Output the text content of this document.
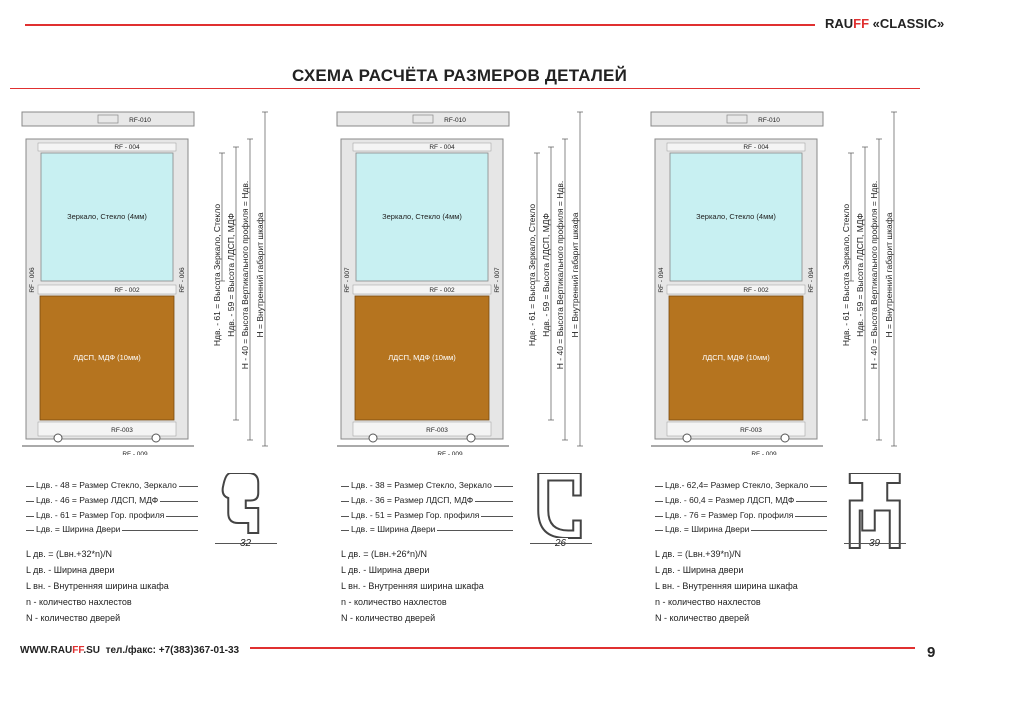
RAUFF «CLASSIC»
СХЕМА РАСЧЁТА РАЗМЕРОВ ДЕТАЛЕЙ
RF-010
RF - 004
Зеркало, Стекло (4мм)
RF - 002
ЛДСП, МДФ (10мм)
RF-003
RF - 009
RF - 006	RF - 006	Ндв. - 61 = Высота Зеркало, Стекло Ндв. - 59 = Высота ЛДСП, МДФ Н - 40 = Высота Вертикального профиля = Ндв. Н = Внутренний габарит шкафа
Lдв. - 48 = Размер Стекло, Зеркало
Lдв. - 46 = Размер ЛДСП, МДФ
Lдв. - 61 = Размер Гор. профиля
Lдв. = Ширина Двери
32
L дв. = (Lвн.+32*n)/N
L дв. - Ширина двери
L вн. - Внутренняя ширина шкафа
n - количество нахлестов
N - количество дверей
RF-010
RF - 004
Зеркало, Стекло (4мм)
RF - 002
ЛДСП, МДФ (10мм)
RF-003
RF - 009
RF - 007	RF - 007	Ндв. - 61 = Высота Зеркало, Стекло Ндв. - 59 = Высота ЛДСП, МДФ Н - 40 = Высота Вертикального профиля = Ндв. Н = Внутренний габарит шкафа
Lдв. - 38 = Размер Стекло, Зеркало
Lдв. - 36 = Размер ЛДСП, МДФ
Lдв. - 51 = Размер Гор. профиля
Lдв. = Ширина Двери
26
L дв. = (Lвн.+26*n)/N
L дв. - Ширина двери
L вн. - Внутренняя ширина шкафа
n - количество нахлестов
N - количество дверей
RF-010
RF - 004
Зеркало, Стекло (4мм)
RF - 002
ЛДСП, МДФ (10мм)
RF-003
RF - 009
RF - 094	RF - 094	Ндв. - 61 = Высота Зеркало, Стекло Ндв. - 59 = Высота ЛДСП, МДФ Н - 40 = Высота Вертикального профиля = Ндв. Н = Внутренний габарит шкафа
Lдв.- 62,4= Размер Стекло, Зеркало
Lдв. - 60,4 = Размер ЛДСП, МДФ
Lдв. - 76 = Размер Гор. профиля
Lдв. = Ширина Двери
39
L дв. = (Lвн.+39*n)/N
L дв. - Ширина двери
L вн. - Внутренняя ширина шкафа
n - количество нахлестов
N - количество дверей
WWW.RAUFF.SU тел./факс: +7(383)367-01-33	9
